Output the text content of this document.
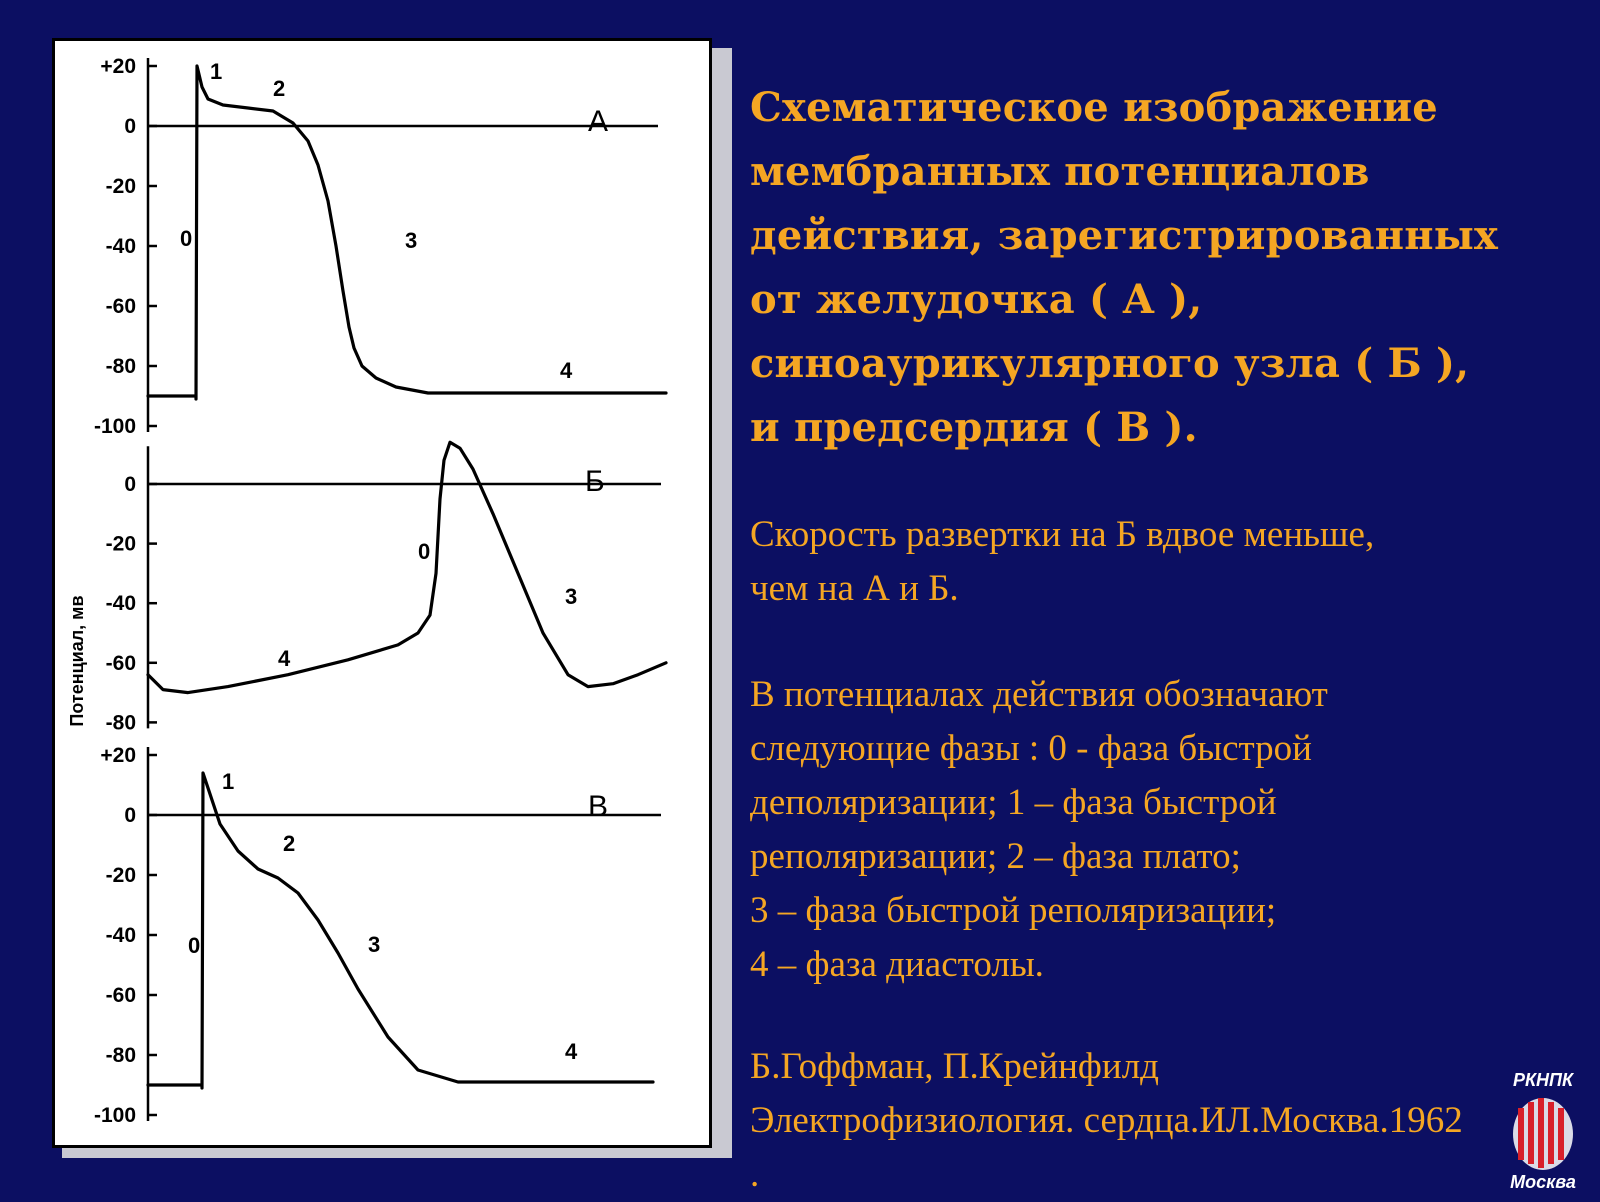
+20
0
-20
-40
-60
-80
-100
А
0
1
2
3
4
0
-20
-40
-60
-80
Б
0
3
4
+20
0
-20
-40
-60
-80
-100
В
0
1
2
3
4
Потенциал, мв
Схематическое изображение
мембранных потенциалов
действия, зарегистрированных
от желудочка ( А ),
синоаурикулярного узла ( Б ),
и предсердия ( В ).
Скорость развертки на Б вдвое меньше,
чем на А и Б.
В потенциалах действия обозначают
следующие фазы : 0 - фаза быстрой
деполяризации; 1 – фаза быстрой
реполяризации; 2 – фаза плато;
3 – фаза быстрой реполяризации;
4 – фаза диастолы.
Б.Гоффман, П.Крейнфилд
Электрофизиология. сердца.ИЛ.Москва.1962
.
РКНПК
Москва
